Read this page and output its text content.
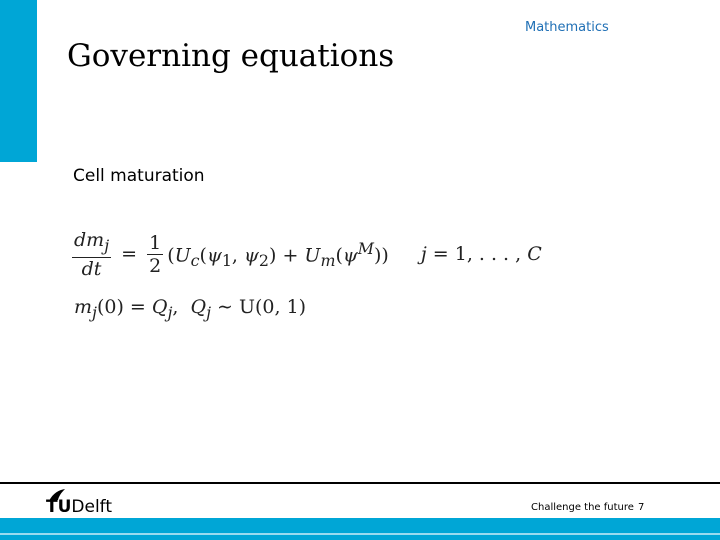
Mathematics
Governing equations
Cell maturation
$\frac{dm_j}{dt} = \frac{1}{2} (U_c(\psi_1$, $\psi_2) + U_m(\psi^M)$) j = 1, . . . , C
$m_j(0) = Q_j$,  $Q_j$ ∼ U(0, 1)
TUDelft	Challenge the future 7
